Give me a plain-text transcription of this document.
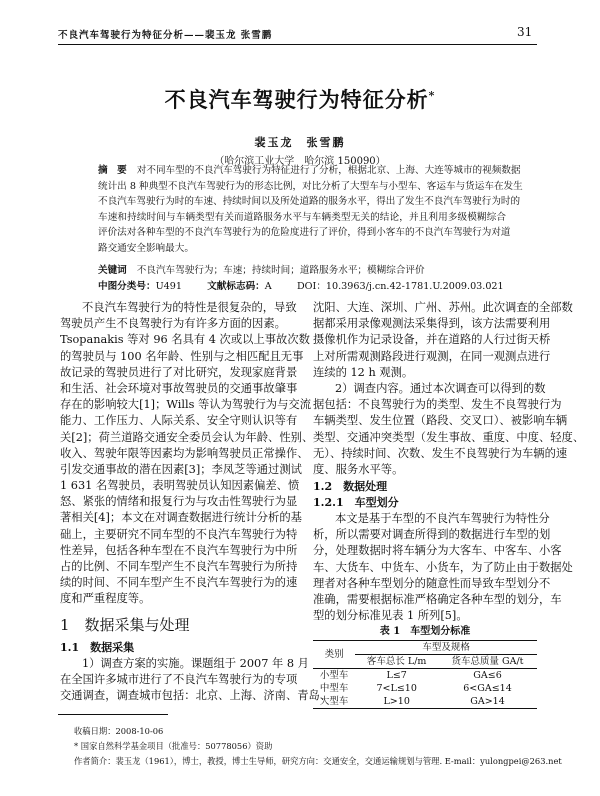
不良汽车驾驶行为特征分析——裴玉龙 张雪鹏	31
不良汽车驾驶行为特征分析*
裴玉龙　张雪鹏
（哈尔滨工业大学　哈尔滨 150090）
摘　要 对不同车型的不良汽车驾驶行为特征进行了分析，根据北京、上海、大连等城市的视频数据
统计出 8 种典型不良汽车驾驶行为的形态比例，对比分析了大型车与小型车、客运车与货运车在发生
不良汽车驾驶行为时的车速、持续时间以及所处道路的服务水平，得出了发生不良汽车驾驶行为时的
车速和持续时间与车辆类型有关而道路服务水平与车辆类型无关的结论，并且利用多级模糊综合
评价法对各种车型的不良汽车驾驶行为的危险度进行了评价，得到小客车的不良汽车驾驶行为对道
路交通安全影响最大。
关键词 不良汽车驾驶行为；车速；持续时间；道路服务水平；模糊综合评价
中图分类号：U491	文献标志码：A	DOI：10.3963/j.cn.42-1781.U.2009.03.021
不良汽车驾驶行为的特性是很复杂的，导致
驾驶员产生不良驾驶行为有许多方面的因素。
Tsopanakis 等对 96 名具有 4 次或以上事故次数
的驾驶员与 100 名年龄、性别与之相匹配且无事
故记录的驾驶员进行了对比研究，发现家庭背景
和生活、社会环境对事故驾驶员的交通事故肇事
存在的影响较大[1]；Wills 等认为驾驶行为与交流
能力、工作压力、人际关系、安全守则认识等有
关[2]；荷兰道路交通安全委员会认为年龄、性别、
收入、驾驶年限等因素均为影响驾驶员正常操作、
引发交通事故的潜在因素[3]；李凤芝等通过测试
1 631 名驾驶员，表明驾驶员认知因素偏差、愤
怒、紧张的情绪和报复行为与攻击性驾驶行为显
著相关[4]；本文在对调查数据进行统计分析的基
础上，主要研究不同车型的不良汽车驾驶行为特
性差异，包括各种车型在不良汽车驾驶行为中所
占的比例、不同车型产生不良汽车驾驶行为所持
续的时间、不同车型产生不良汽车驾驶行为的速
度和严重程度等。
1　数据采集与处理
1.1　数据采集
1）调查方案的实施。课题组于 2007 年 8 月
在全国许多城市进行了不良汽车驾驶行为的专项
交通调查，调查城市包括：北京、上海、济南、青岛、
沈阳、大连、深圳、广州、苏州。此次调查的全部数
据都采用录像观测法采集得到，该方法需要利用
摄像机作为记录设备，并在道路的人行过街天桥
上对所需观测路段进行观测，在同一观测点进行
连续的 12 h 观测。
2）调查内容。通过本次调查可以得到的数
据包括：不良驾驶行为的类型、发生不良驾驶行为
车辆类型、发生位置（路段、交叉口）、被影响车辆
类型、交通冲突类型（发生事故、重度、中度、轻度、
无）、持续时间、次数、发生不良驾驶行为车辆的速
度、服务水平等。
1.2　数据处理
1.2.1　车型划分
本文是基于车型的不良汽车驾驶行为特性分
析，所以需要对调查所得到的数据进行车型的划
分，处理数据时将车辆分为大客车、中客车、小客
车、大货车、中货车、小货车，为了防止由于数据处
理者对各种车型划分的随意性而导致车型划分不
准确，需要根据标准严格确定各种车型的划分，车
型的划分标准见表 1 所列[5]。
表 1　车型划分标准
类别	车型及规格	
	客车总长 L/m	货车总质量 GA/t
小型车	L≤7	GA≤6
中型车	7<L≤10	6<GA≤14
大型车	L>10	GA>14
收稿日期：2008-10-06
* 国家自然科学基金项目（批准号：50778056）资助
作者简介：裴玉龙（1961），博士，教授，博士生导师，研究方向：交通安全，交通运输规划与管理. E-mail：yulongpei@263.net
